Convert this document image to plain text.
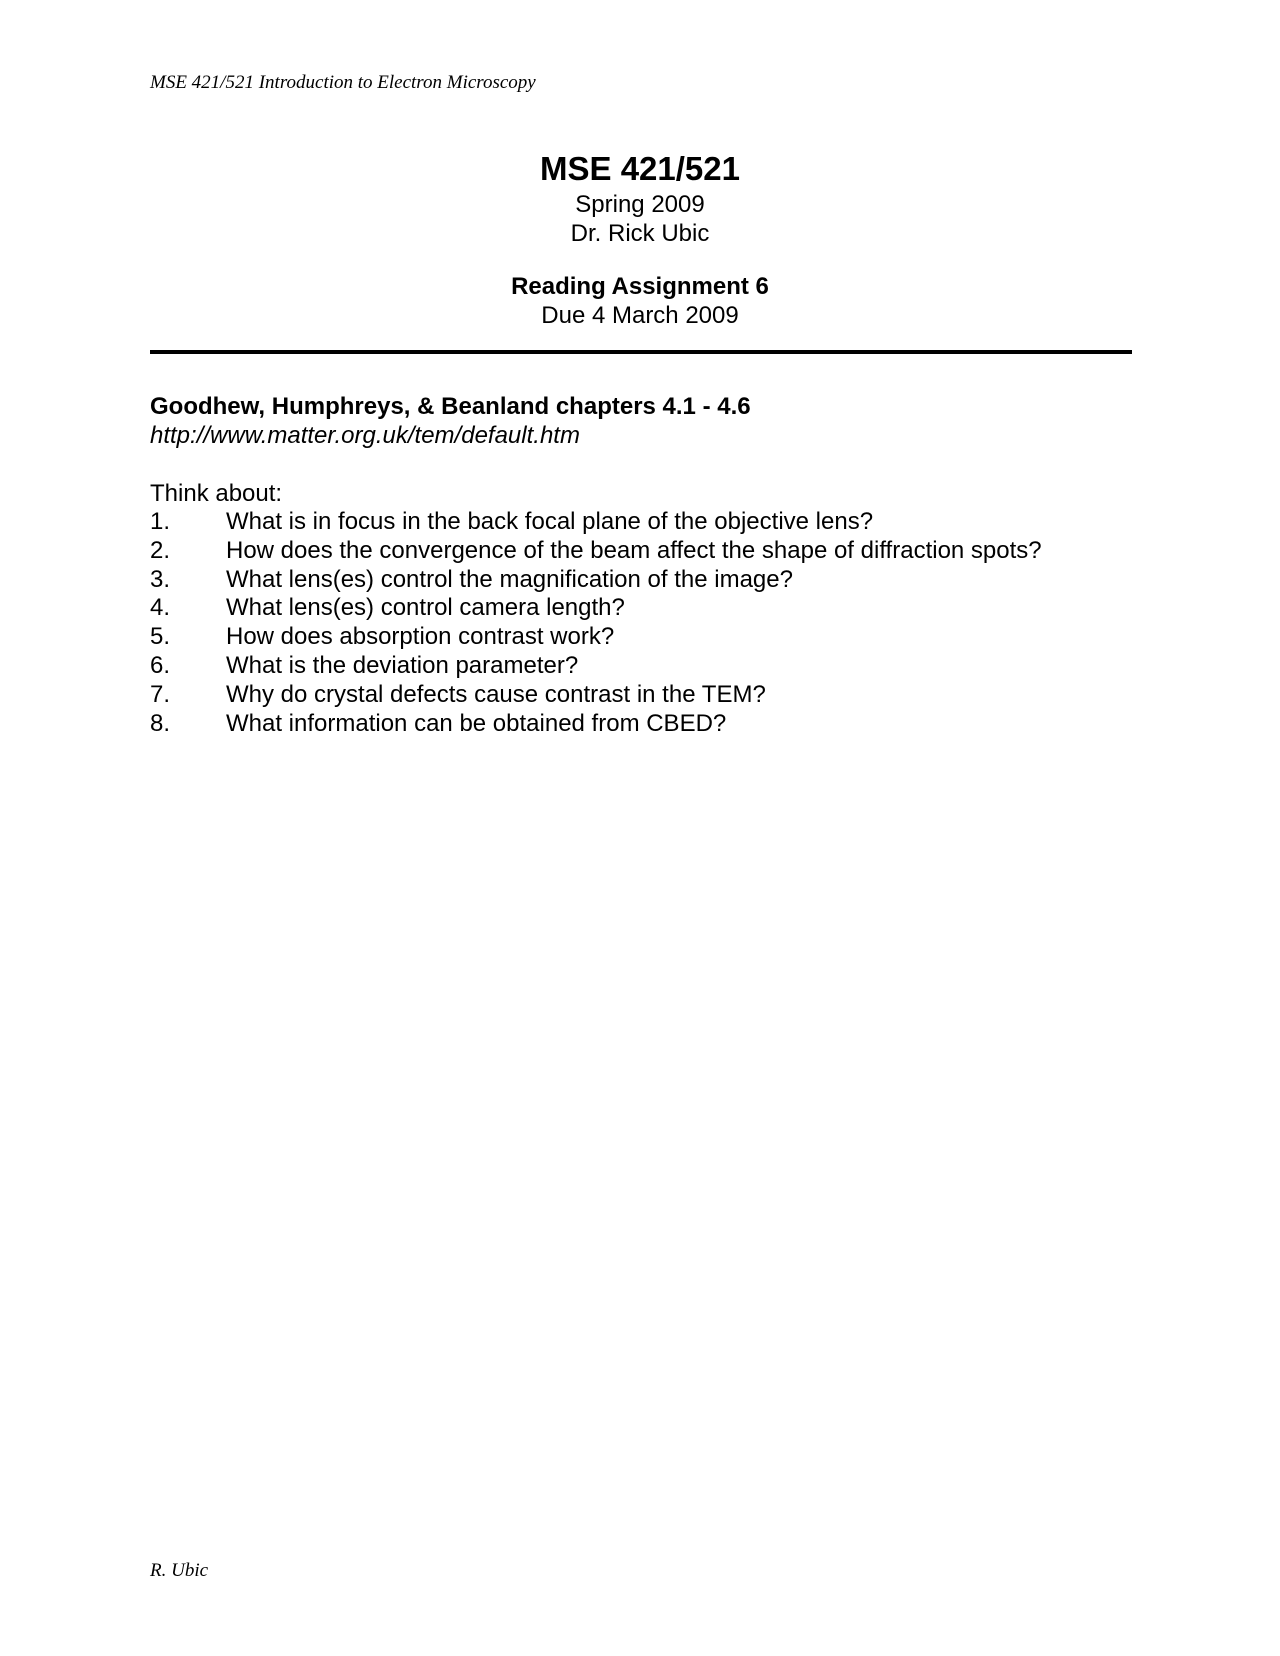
MSE 421/521 Introduction to Electron Microscopy

MSE 421/521

Spring 2009

Dr. Rick Ubic

Reading Assignment 6

Due 4 March 2009

Goodhew, Humphreys, & Beanland chapters 4.1 - 4.6

http://www.matter.org.uk/tem/default.htm

Think about:

1.	What is in focus in the back focal plane of the objective lens?
2.	How does the convergence of the beam affect the shape of diffraction spots?
3.	What lens(es) control the magnification of the image?
4.	What lens(es) control camera length?
5.	How does absorption contrast work?
6.	What is the deviation parameter?
7.	Why do crystal defects cause contrast in the TEM?
8.	What information can be obtained from CBED?

R. Ubic
